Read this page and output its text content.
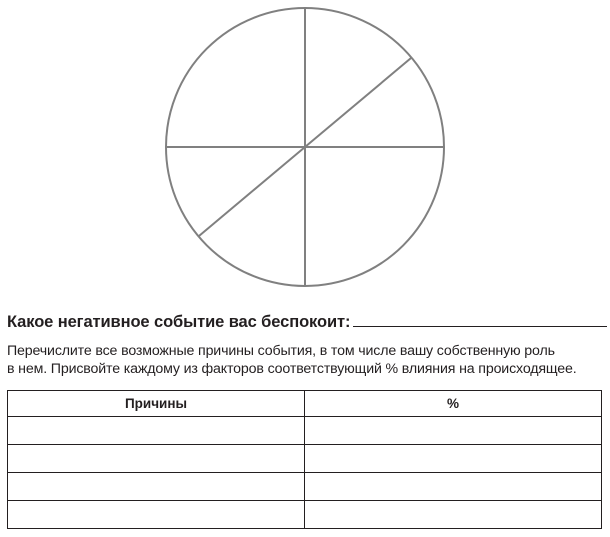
Какое негативное событие вас беспокоит:
Перечислите все возможные причины события, в том числе вашу собственную роль
в нем. Присвойте каждому из факторов соответствующий % влияния на происходящее.
Причины	%
